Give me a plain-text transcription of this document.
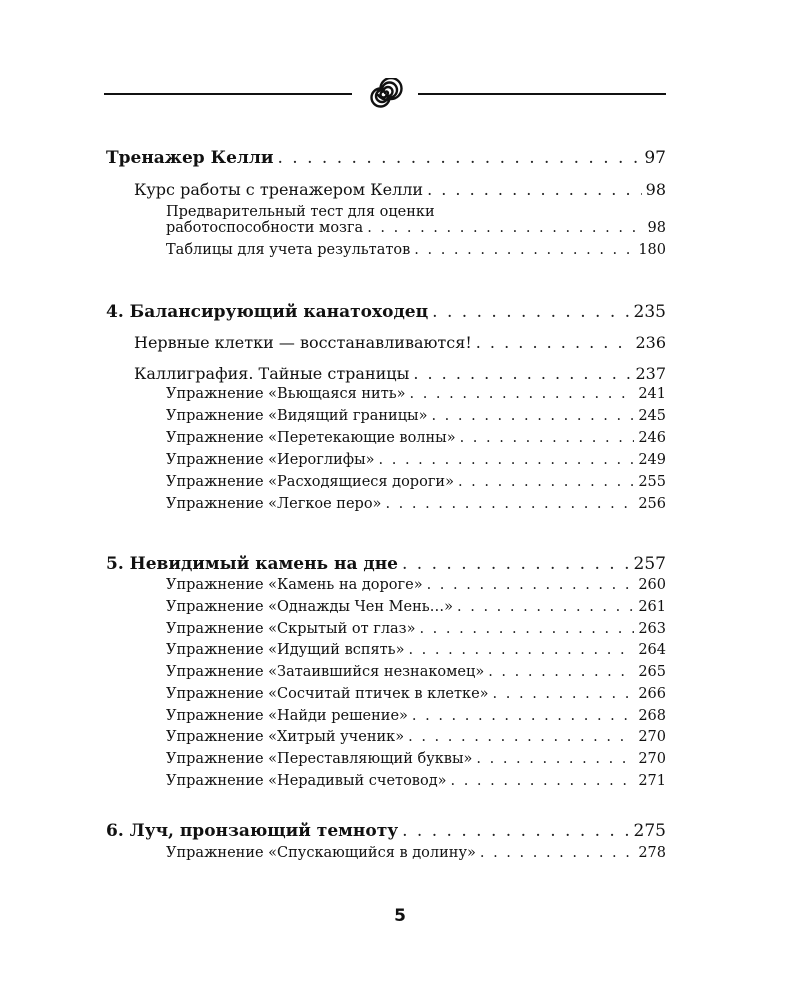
Тренажер Келли . . .	97
Курс работы с тренажером Келли . . .	98
Предварительный тест для оценки
работоспособности мозга . . .	98
Таблицы для учета результатов . . .	180
4. Балансирующий канатоходец . . .	235
Нервные клетки — восстанавливаются! . . .	236
Каллиграфия. Тайные страницы . . .	237
Упражнение «Вьющаяся нить» . . .	241
Упражнение «Видящий границы» . . .	245
Упражнение «Перетекающие волны» . . .	246
Упражнение «Иероглифы» . . .	249
Упражнение «Расходящиеся дороги» . . .	255
Упражнение «Легкое перо» . . .	256
5. Невидимый камень на дне . . .	257
Упражнение «Камень на дороге» . . .	260
Упражнение «Однажды Чен Мень…» . . .	261
Упражнение «Скрытый от глаз» . . .	263
Упражнение «Идущий вспять» . . .	264
Упражнение «Затаившийся незнакомец» . . .	265
Упражнение «Сосчитай птичек в клетке» . . .	266
Упражнение «Найди решение» . . .	268
Упражнение «Хитрый ученик» . . .	270
Упражнение «Переставляющий буквы» . . .	270
Упражнение «Нерадивый счетовод» . . .	271
6. Луч, пронзающий темноту . . .	275
Упражнение «Спускающийся в долину» . . .	278
5
